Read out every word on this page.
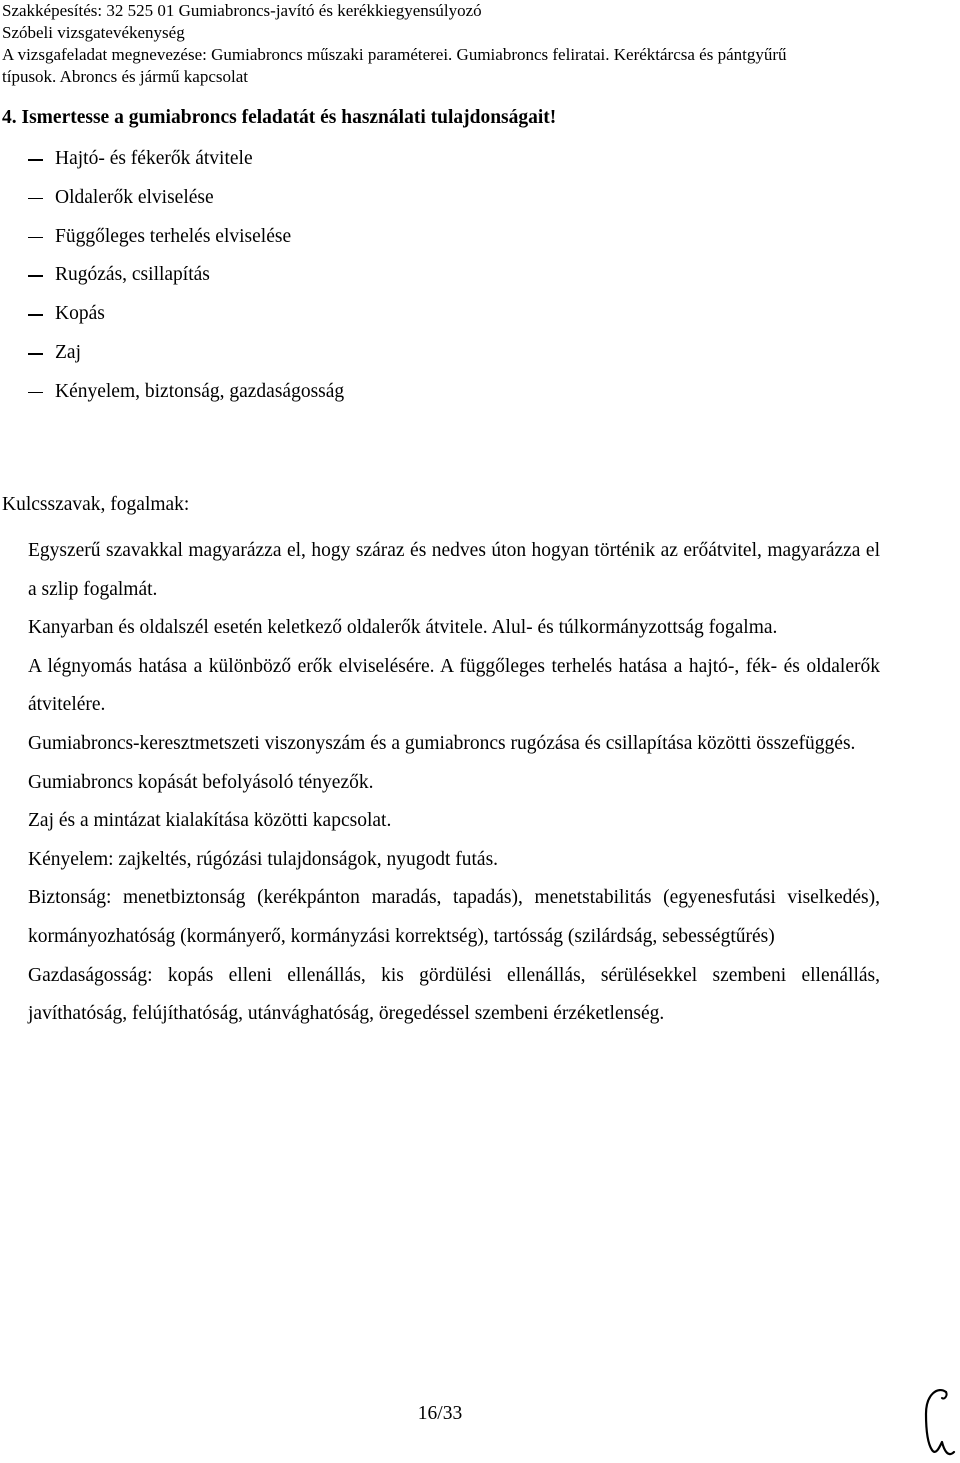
Szakképesítés: 32 525 01 Gumiabroncs-javító és kerékkiegyensúlyozó
Szóbeli vizsgatevékenység
A vizsgafeladat megnevezése: Gumiabroncs műszaki paraméterei. Gumiabroncs feliratai. Keréktárcsa és pántgyűrű
típusok. Abroncs és jármű kapcsolat
4. Ismertesse a gumiabroncs feladatát és használati tulajdonságait!
Hajtó- és fékerők átvitele
Oldalerők elviselése
Függőleges terhelés elviselése
Rugózás, csillapítás
Kopás
Zaj
Kényelem, biztonság, gazdaságosság
Kulcsszavak, fogalmak:

Egyszerű szavakkal magyarázza el, hogy száraz és nedves úton hogyan történik az erőátvitel, magyarázza el a szlip fogalmát.

Kanyarban és oldalszél esetén keletkező oldalerők átvitele. Alul- és túlkormányzottság fogalma.

A légnyomás hatása a különböző erők elviselésére. A függőleges terhelés hatása a hajtó-, fék- és oldalerők átvitelére.

Gumiabroncs-keresztmetszeti viszonyszám és a gumiabroncs rugózása és csillapítása közötti összefüggés.

Gumiabroncs kopását befolyásoló tényezők.

Zaj és a mintázat kialakítása közötti kapcsolat.

Kényelem: zajkeltés, rúgózási tulajdonságok, nyugodt futás.

Biztonság: menetbiztonság (kerékpánton maradás, tapadás), menetstabilitás (egyenesfutási viselkedés), kormányozhatóság (kormányerő, kormányzási korrektség), tartósság (szilárdság, sebességtűrés)

Gazdaságosság: kopás elleni ellenállás, kis gördülési ellenállás, sérülésekkel szembeni ellenállás, javíthatóság, felújíthatóság, utánvághatóság, öregedéssel szembeni érzéketlenség.

16/33
